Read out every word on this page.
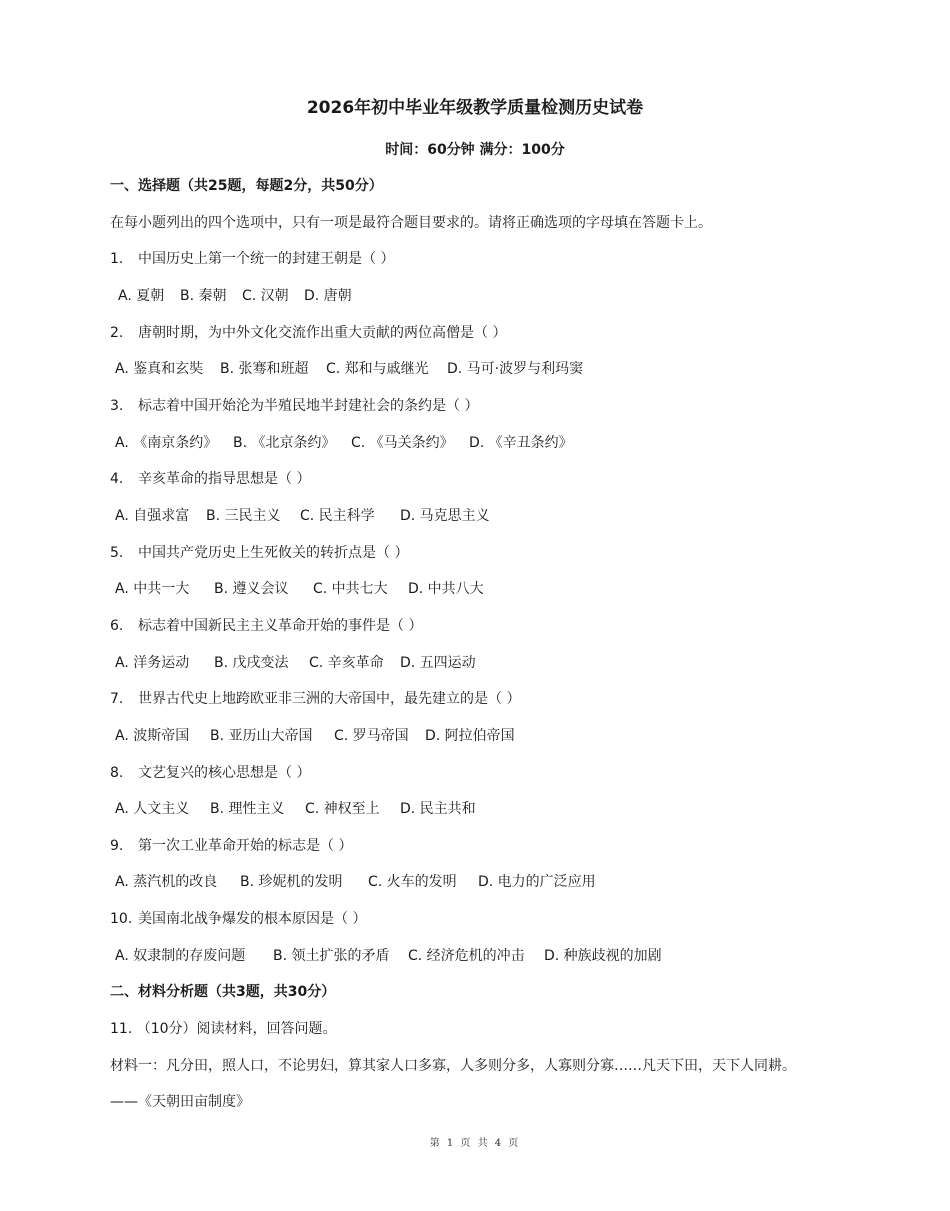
2026年初中毕业年级教学质量检测历史试卷
时间：60分钟 满分：100分
一、选择题（共25题，每题2分，共50分）
在每小题列出的四个选项中，只有一项是最符合题目要求的。请将正确选项的字母填在答题卡上。
1. 中国历史上第一个统一的封建王朝是（ ）
A. 夏朝 B. 秦朝 C. 汉朝 D. 唐朝
2. 唐朝时期，为中外文化交流作出重大贡献的两位高僧是（ ）
A. 鉴真和玄奘 B. 张骞和班超 C. 郑和与戚继光 D. 马可·波罗与利玛窦
3. 标志着中国开始沦为半殖民地半封建社会的条约是（ ）
A. 《南京条约》 B. 《北京条约》 C. 《马关条约》 D. 《辛丑条约》
4. 辛亥革命的指导思想是（ ）
A. 自强求富 B. 三民主义 C. 民主科学 D. 马克思主义
5. 中国共产党历史上生死攸关的转折点是（ ）
A. 中共一大 B. 遵义会议 C. 中共七大 D. 中共八大
6. 标志着中国新民主主义革命开始的事件是（ ）
A. 洋务运动 B. 戊戌变法 C. 辛亥革命 D. 五四运动
7. 世界古代史上地跨欧亚非三洲的大帝国中，最先建立的是（ ）
A. 波斯帝国 B. 亚历山大帝国 C. 罗马帝国 D. 阿拉伯帝国
8. 文艺复兴的核心思想是（ ）
A. 人文主义 B. 理性主义 C. 神权至上 D. 民主共和
9. 第一次工业革命开始的标志是（ ）
A. 蒸汽机的改良 B. 珍妮机的发明 C. 火车的发明 D. 电力的广泛应用
10. 美国南北战争爆发的根本原因是（ ）
A. 奴隶制的存废问题 B. 领土扩张的矛盾 C. 经济危机的冲击 D. 种族歧视的加剧
二、材料分析题（共3题，共30分）
11. （10分）阅读材料，回答问题。
材料一：凡分田，照人口，不论男妇，算其家人口多寡，人多则分多，人寡则分寡……凡天下田，天下人同耕。
——《天朝田亩制度》
第 1 页 共 4 页
